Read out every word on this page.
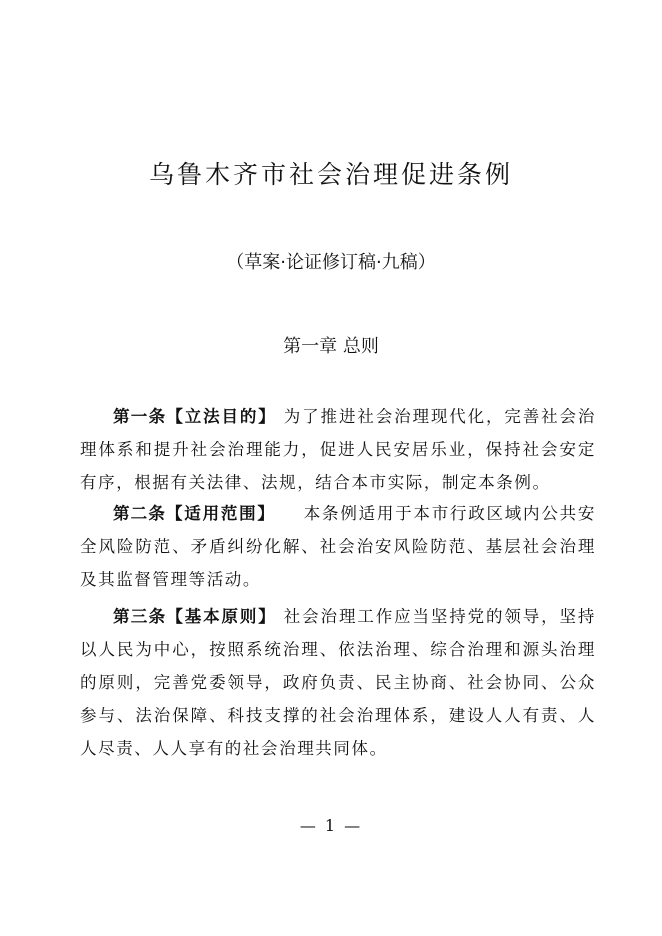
乌鲁木齐市社会治理促进条例

（草案·论证修订稿·九稿）

第一章 总则

第一条【立法目的】 为了推进社会治理现代化，完善社会治理体系和提升社会治理能力，促进人民安居乐业，保持社会安定有序，根据有关法律、法规，结合本市实际，制定本条例。

第二条【适用范围】 本条例适用于本市行政区域内公共安全风险防范、矛盾纠纷化解、社会治安风险防范、基层社会治理及其监督管理等活动。

第三条【基本原则】 社会治理工作应当坚持党的领导，坚持以人民为中心，按照系统治理、依法治理、综合治理和源头治理的原则，完善党委领导，政府负责、民主协商、社会协同、公众参与、法治保障、科技支撑的社会治理体系，建设人人有责、人人尽责、人人享有的社会治理共同体。

— 1 —
